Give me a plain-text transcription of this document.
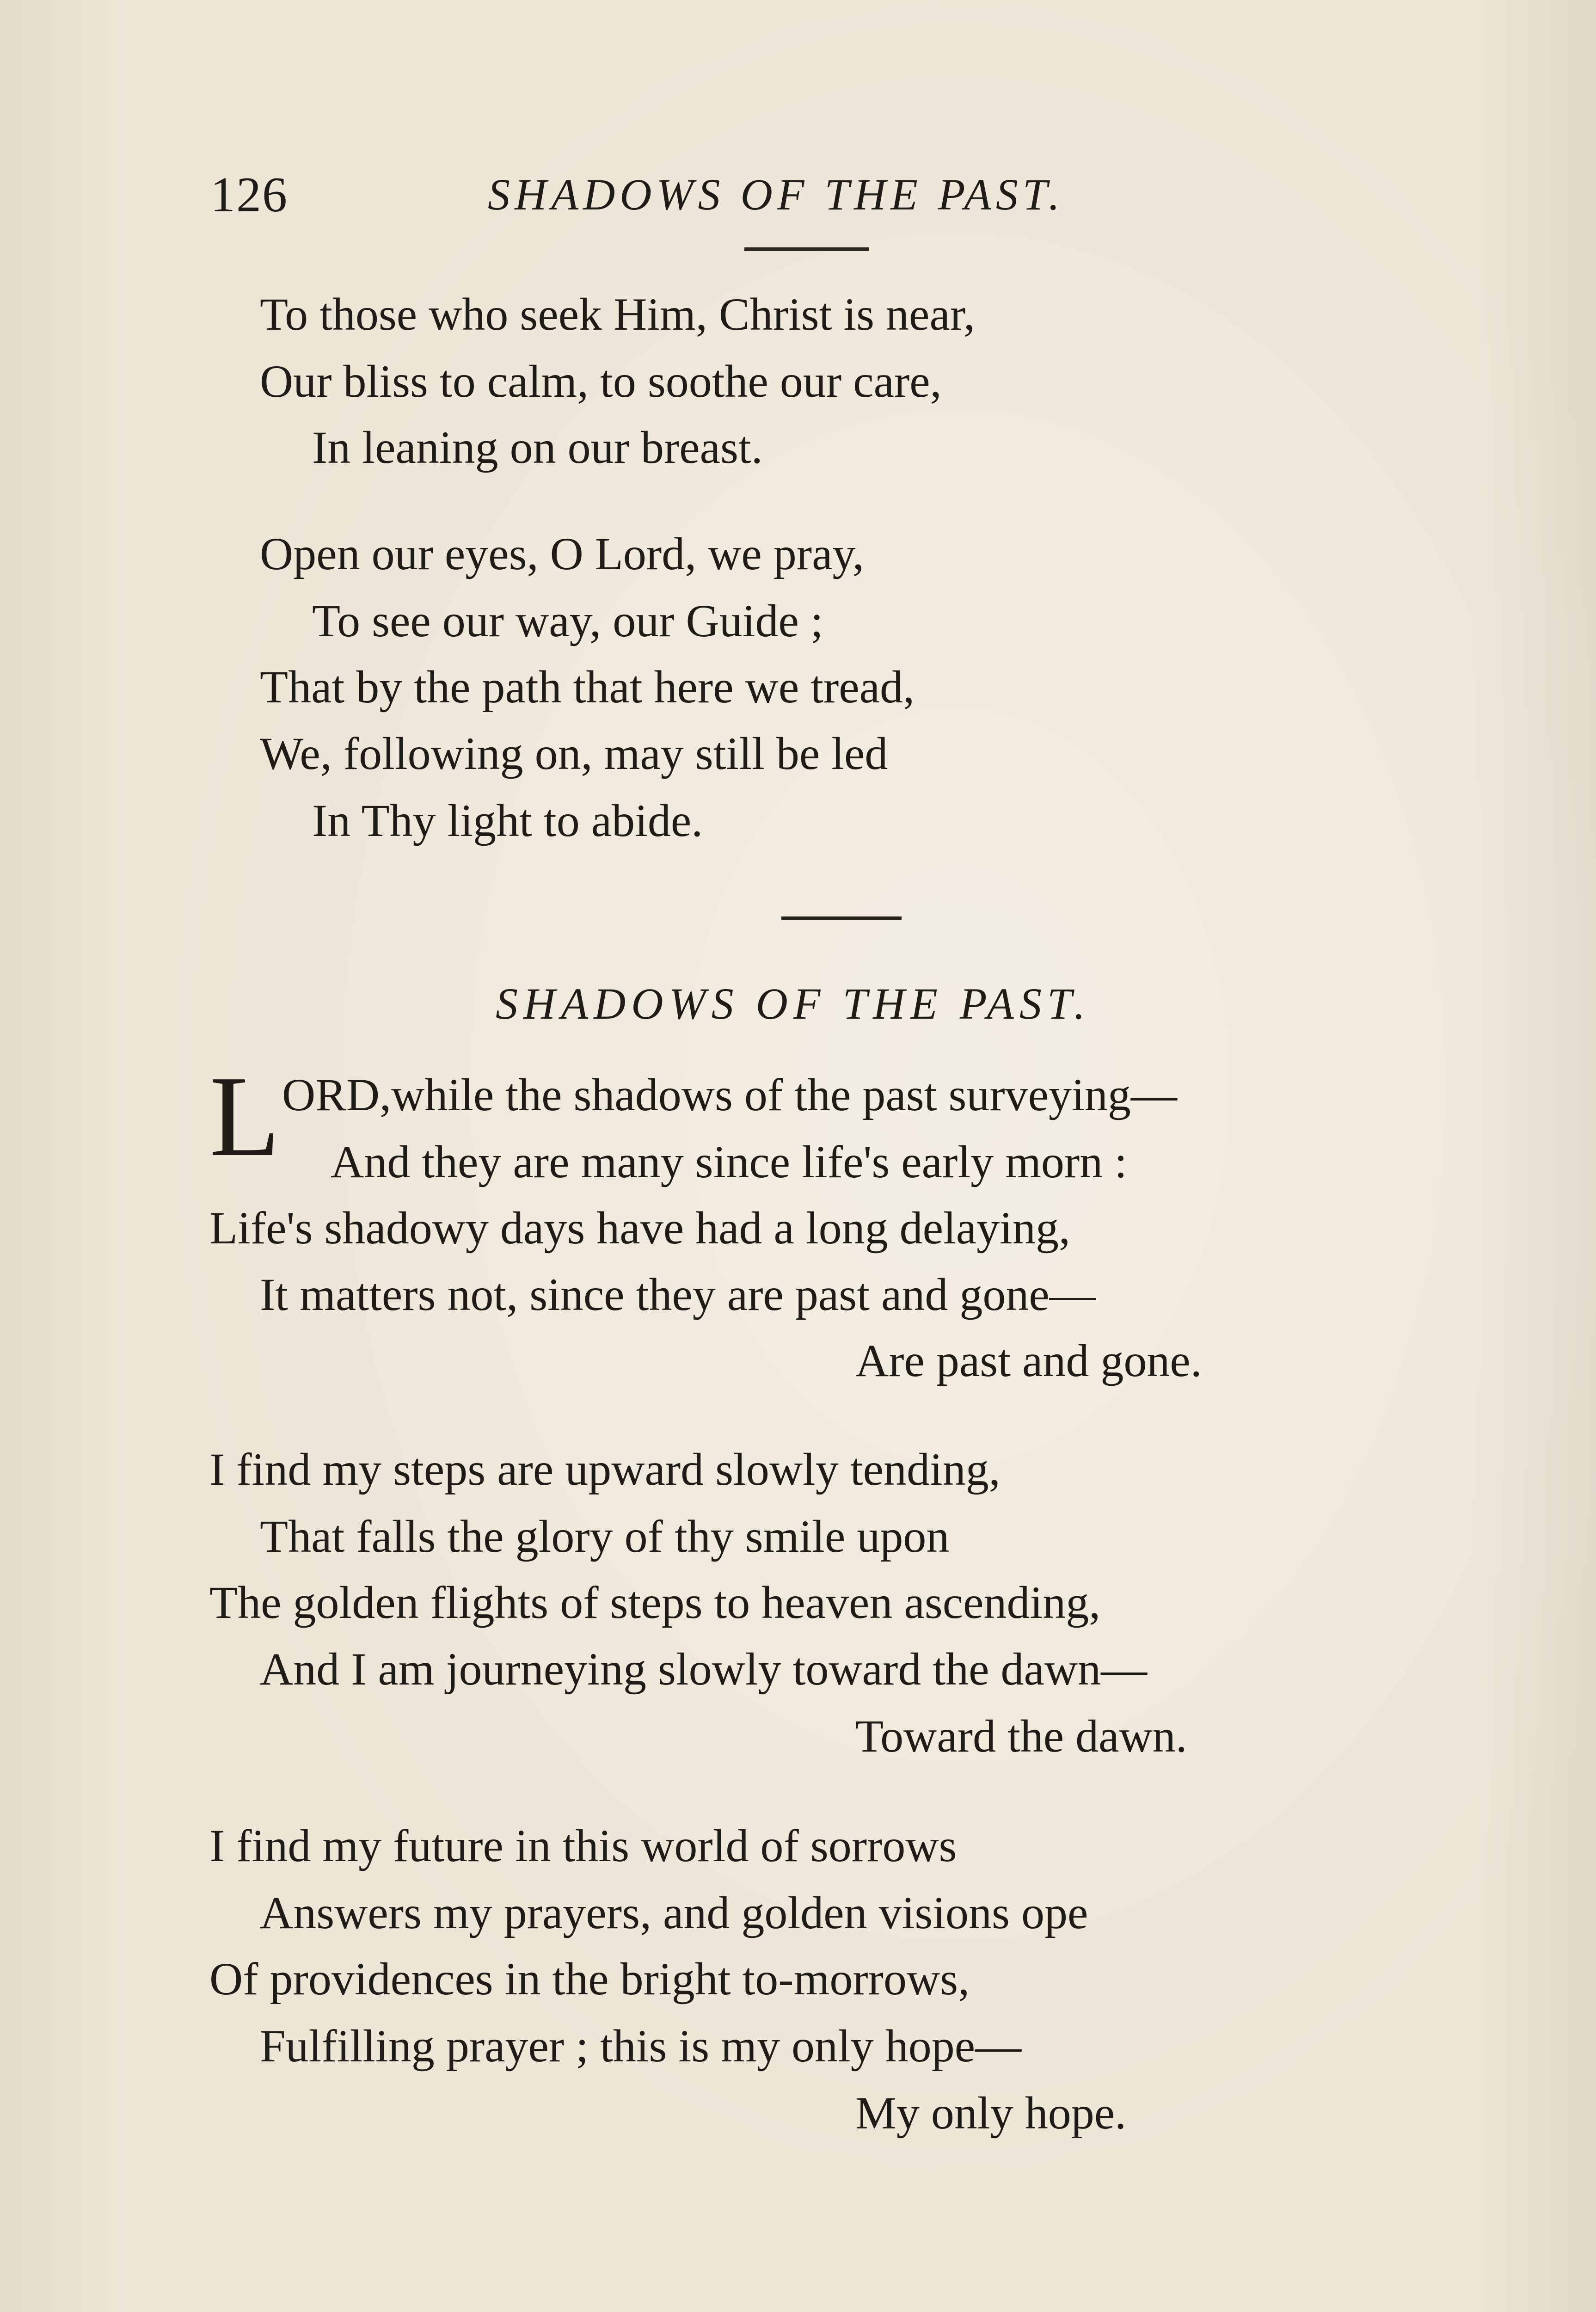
126	SHADOWS OF THE PAST.
To those who seek Him, Christ is near,
Our bliss to calm, to soothe our care,
In leaning on our breast.
Open our eyes, O Lord, we pray,
To see our way, our Guide ;
That by the path that here we tread,
We, following on, may still be led
In Thy light to abide.
SHADOWS OF THE PAST.
L ORD,while the shadows of the past surveying—
And they are many since life's early morn :
Life's shadowy days have had a long delaying,
It matters not, since they are past and gone—
Are past and gone.
I find my steps are upward slowly tending,
That falls the glory of thy smile upon
The golden flights of steps to heaven ascending,
And I am journeying slowly toward the dawn—
Toward the dawn.
I find my future in this world of sorrows
Answers my prayers, and golden visions ope
Of providences in the bright to-morrows,
Fulfilling prayer ; this is my only hope—
My only hope.
